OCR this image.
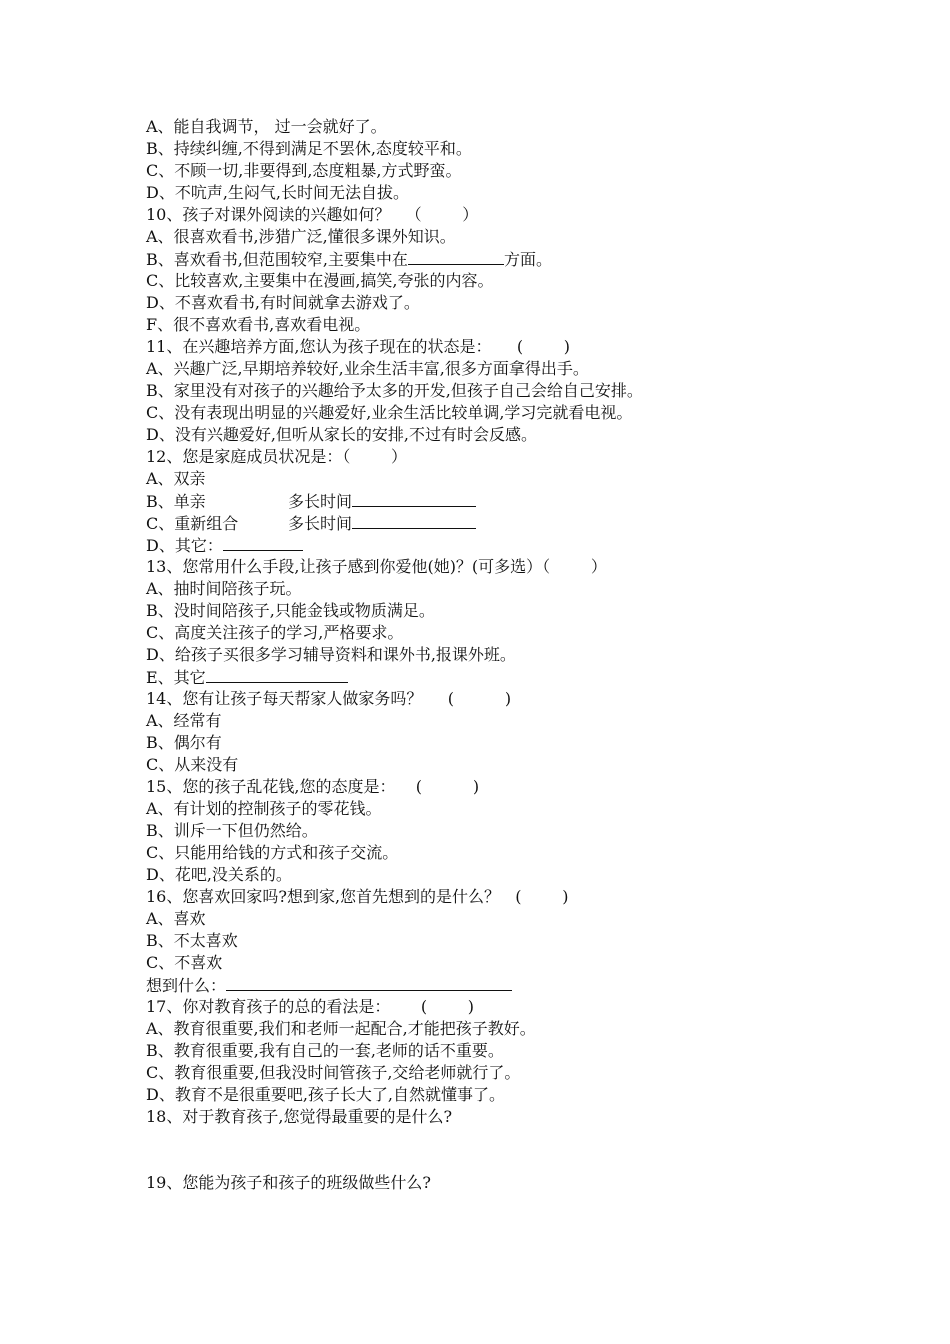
A、能自我调节， 过一会就好了。
B、持续纠缠,不得到满足不罢休,态度较平和。
C、不顾一切,非要得到,态度粗暴,方式野蛮。
D、不吭声,生闷气,长时间无法自拔。
10、孩子对课外阅读的兴趣如何？   （        ）
A、很喜欢看书,涉猎广泛,懂很多课外知识。
B、喜欢看书,但范围较窄,主要集中在	方面。
C、比较喜欢,主要集中在漫画,搞笑,夸张的内容。
D、不喜欢看书,有时间就拿去游戏了。
F、很不喜欢看书,喜欢看电视。
11、在兴趣培养方面,您认为孩子现在的状态是：     (        )
A、兴趣广泛,早期培养较好,业余生活丰富,很多方面拿得出手。
B、家里没有对孩子的兴趣给予太多的开发,但孩子自己会给自己安排。
C、没有表现出明显的兴趣爱好,业余生活比较单调,学习完就看电视。
D、没有兴趣爱好,但听从家长的安排,不过有时会反感。
12、您是家庭成员状况是：（        ）
A、双亲
B、单亲	多长时间
C、重新组合	多长时间
D、其它：
13、您常用什么手段,让孩子感到你爱他(她)？(可多选）（        ）
A、抽时间陪孩子玩。
B、没时间陪孩子,只能金钱或物质满足。
C、高度关注孩子的学习,严格要求。
D、给孩子买很多学习辅导资料和课外书,报课外班。
E、其它
14、您有让孩子每天帮家人做家务吗？     (          )
A、经常有
B、偶尔有
C、从来没有
15、您的孩子乱花钱,您的态度是：    (          )
A、有计划的控制孩子的零花钱。
B、训斥一下但仍然给。
C、只能用给钱的方式和孩子交流。
D、花吧,没关系的。
16、您喜欢回家吗?想到家,您首先想到的是什么？   (        )
A、喜欢
B、不太喜欢
C、不喜欢
想到什么：
17、你对教育孩子的总的看法是：      (        )
A、教育很重要,我们和老师一起配合,才能把孩子教好。
B、教育很重要,我有自己的一套,老师的话不重要。
C、教育很重要,但我没时间管孩子,交给老师就行了。
D、教育不是很重要吧,孩子长大了,自然就懂事了。
18、对于教育孩子,您觉得最重要的是什么?
19、您能为孩子和孩子的班级做些什么?
